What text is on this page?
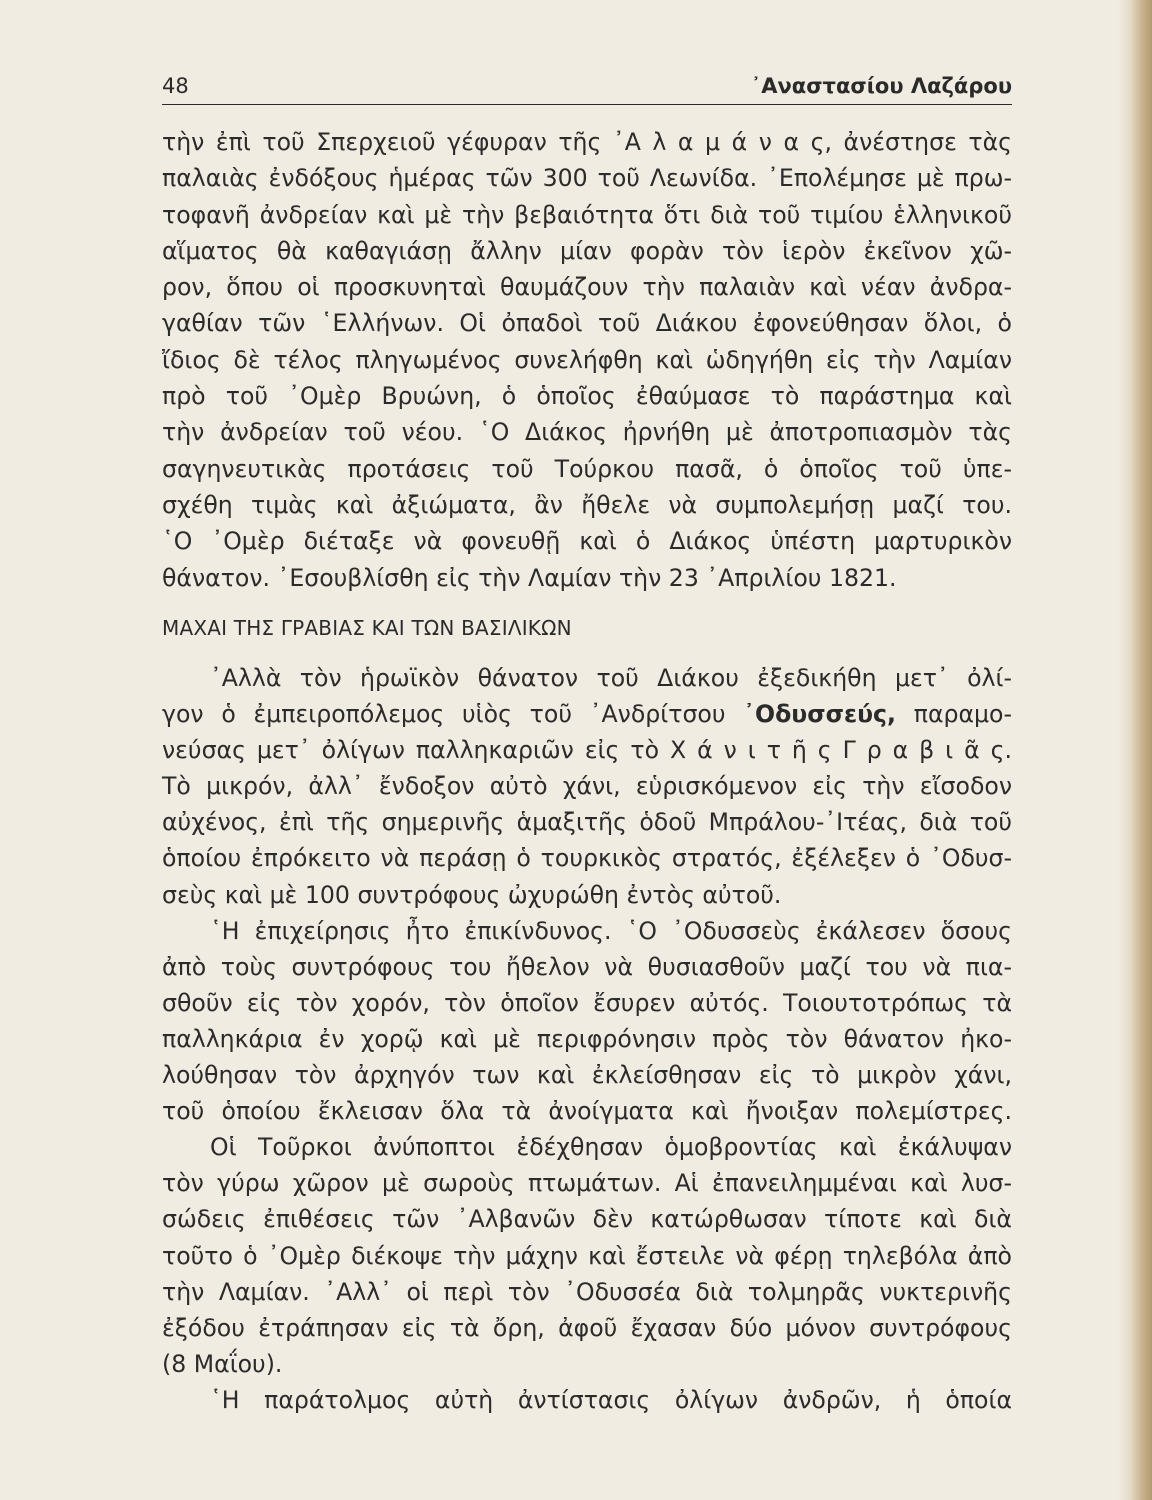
48	᾿Αναστασίου Λαζάρου
τὴν ἐπὶ τοῦ Σπερχειοῦ γέφυραν τῆς ᾿Α λ α μ ά ν α ς, ἀνέστησε τὰς
παλαιὰς ἐνδόξους ἡμέρας τῶν 300 τοῦ Λεωνίδα. ᾿Επολέμησε μὲ πρω-
τοφανῆ ἀνδρείαν καὶ μὲ τὴν βεβαιότητα ὅτι διὰ τοῦ τιμίου ἑλληνικοῦ
αἵματος θὰ καθαγιάσῃ ἄλλην μίαν φορὰν τὸν ἱερὸν ἐκεῖνον χῶ-
ρον, ὅπου οἱ προσκυνηταὶ θαυμάζουν τὴν παλαιὰν καὶ νέαν ἀνδρα-
γαθίαν τῶν ῾Ελλήνων. Οἱ ὀπαδοὶ τοῦ Διάκου ἐφονεύθησαν ὅλοι, ὁ
ἴδιος δὲ τέλος πληγωμένος συνελήφθη καὶ ὡδηγήθη εἰς τὴν Λαμίαν
πρὸ τοῦ ᾿Ομὲρ Βρυώνη, ὁ ὁποῖος ἐθαύμασε τὸ παράστημα καὶ
τὴν ἀνδρείαν τοῦ νέου. ῾Ο Διάκος ἠρνήθη μὲ ἀποτροπιασμὸν τὰς
σαγηνευτικὰς προτάσεις τοῦ Τούρκου πασᾶ, ὁ ὁποῖος τοῦ ὑπε-
σχέθη τιμὰς καὶ ἀξιώματα, ἂν ἤθελε νὰ συμπολεμήσῃ μαζί του.
῾Ο ᾿Ομὲρ διέταξε νὰ φονευθῇ καὶ ὁ Διάκος ὑπέστη μαρτυρικὸν
θάνατον. ᾿Εσουβλίσθη εἰς τὴν Λαμίαν τὴν 23 ᾿Απριλίου 1821.
ΜΑΧΑΙ ΤΗΣ ΓΡΑΒΙΑΣ ΚΑΙ ΤΩΝ ΒΑΣΙΛΙΚΩΝ
᾿Αλλὰ τὸν ἡρωϊκὸν θάνατον τοῦ Διάκου ἐξεδικήθη μετ᾿ ὀλί-
γον ὁ ἐμπειροπόλεμος υἱὸς τοῦ ᾿Ανδρίτσου ᾿Οδυσσεύς, παραμο-
νεύσας μετ᾿ ὀλίγων παλληκαριῶν εἰς τὸ Χ ά ν ι τ ῆ ς Γ ρ α β ι ᾶ ς.
Τὸ μικρόν, ἀλλ᾿ ἔνδοξον αὐτὸ χάνι, εὑρισκόμενον εἰς τὴν εἴσοδον
αὐχένος, ἐπὶ τῆς σημερινῆς ἁμαξιτῆς ὁδοῦ Μπράλου-᾿Ιτέας, διὰ τοῦ
ὁποίου ἐπρόκειτο νὰ περάσῃ ὁ τουρκικὸς στρατός, ἐξέλεξεν ὁ ᾿Οδυσ-
σεὺς καὶ μὲ 100 συντρόφους ὠχυρώθη ἐντὸς αὐτοῦ.
῾Η ἐπιχείρησις ἦτο ἐπικίνδυνος. ῾Ο ᾿Οδυσσεὺς ἐκάλεσεν ὅσους
ἀπὸ τοὺς συντρόφους του ἤθελον νὰ θυσιασθοῦν μαζί του νὰ πια-
σθοῦν εἰς τὸν χορόν, τὸν ὁποῖον ἔσυρεν αὐτός. Τοιουτοτρόπως τὰ
παλληκάρια ἐν χορῷ καὶ μὲ περιφρόνησιν πρὸς τὸν θάνατον ἠκο-
λούθησαν τὸν ἀρχηγόν των καὶ ἐκλείσθησαν εἰς τὸ μικρὸν χάνι,
τοῦ ὁποίου ἔκλεισαν ὅλα τὰ ἀνοίγματα καὶ ἤνοιξαν πολεμίστρες.
Οἱ Τοῦρκοι ἀνύποπτοι ἐδέχθησαν ὁμοβροντίας καὶ ἐκάλυψαν
τὸν γύρω χῶρον μὲ σωροὺς πτωμάτων. Αἱ ἐπανειλημμέναι καὶ λυσ-
σώδεις ἐπιθέσεις τῶν ᾿Αλβανῶν δὲν κατώρθωσαν τίποτε καὶ διὰ
τοῦτο ὁ ᾿Ομὲρ διέκοψε τὴν μάχην καὶ ἔστειλε νὰ φέρῃ τηλεβόλα ἀπὸ
τὴν Λαμίαν. ᾿Αλλ᾿ οἱ περὶ τὸν ᾿Οδυσσέα διὰ τολμηρᾶς νυκτερινῆς
ἐξόδου ἐτράπησαν εἰς τὰ ὄρη, ἀφοῦ ἔχασαν δύο μόνον συντρόφους
(8 Μαΐου).
῾Η παράτολμος αὐτὴ ἀντίστασις ὀλίγων ἀνδρῶν, ἡ ὁποία
